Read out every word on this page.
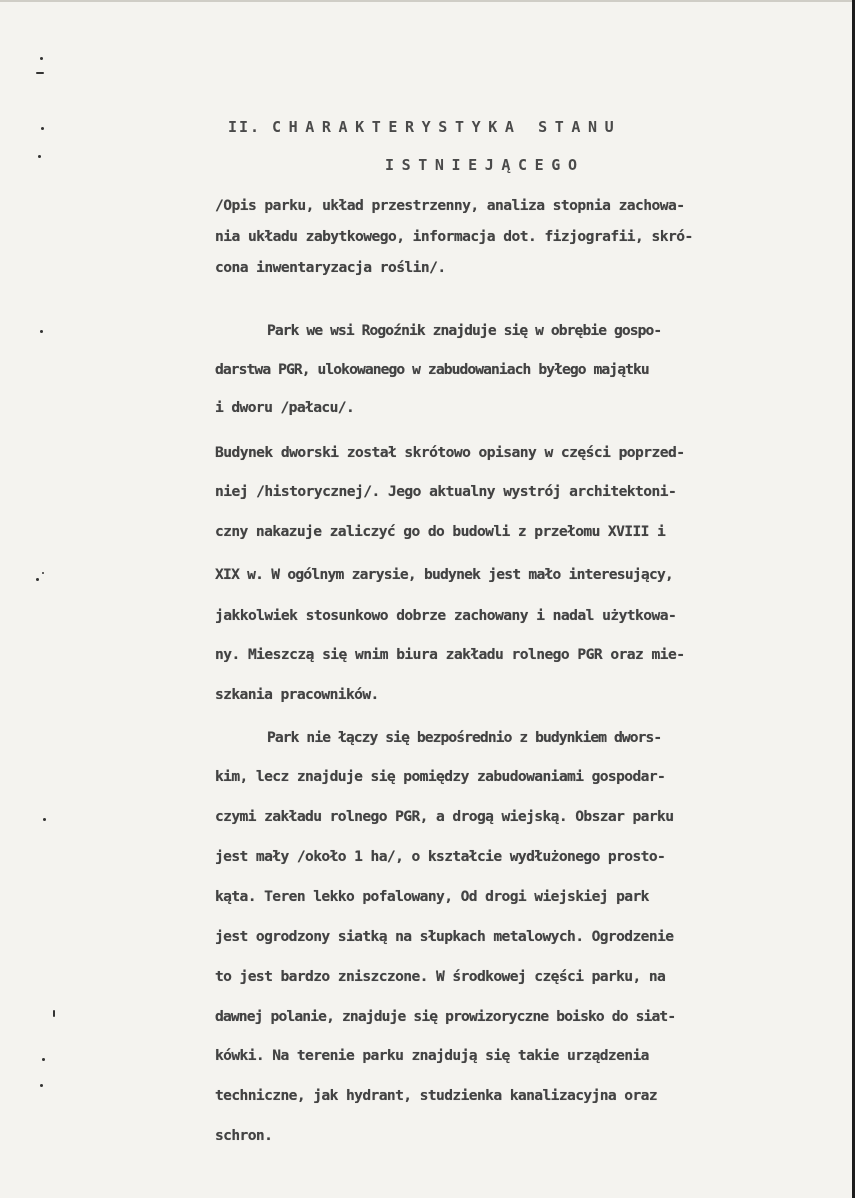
II. CHARAKTERYSTYKA STANU
ISTNIEJĄCEGO
/Opis parku, układ przestrzenny, analiza stopnia zachowa-
nia układu zabytkowego, informacja dot. fizjografii, skró-
cona inwentaryzacja roślin/.
Park we wsi Rogoźnik znajduje się w obrębie gospo-
darstwa PGR, ulokowanego w zabudowaniach byłego majątku
i dworu /pałacu/.
Budynek dworski został skrótowo opisany w części poprzed-
niej /historycznej/. Jego aktualny wystrój architektoni-
czny nakazuje zaliczyć go do budowli z przełomu XVIII i
XIX w. W ogólnym zarysie, budynek jest mało interesujący,
jakkolwiek stosunkowo dobrze zachowany i nadal użytkowa-
ny. Mieszczą się wnim biura zakładu rolnego PGR oraz mie-
szkania pracowników.
Park nie łączy się bezpośrednio z budynkiem dwors-
kim, lecz znajduje się pomiędzy zabudowaniami gospodar-
czymi zakładu rolnego PGR, a drogą wiejską. Obszar parku
jest mały /około 1 ha/, o kształcie wydłużonego prosto-
kąta. Teren lekko pofalowany, Od drogi wiejskiej park
jest ogrodzony siatką na słupkach metalowych. Ogrodzenie
to jest bardzo zniszczone. W środkowej części parku, na
dawnej polanie, znajduje się prowizoryczne boisko do siat-
kówki. Na terenie parku znajdują się takie urządzenia
techniczne, jak hydrant, studzienka kanalizacyjna oraz
schron.
